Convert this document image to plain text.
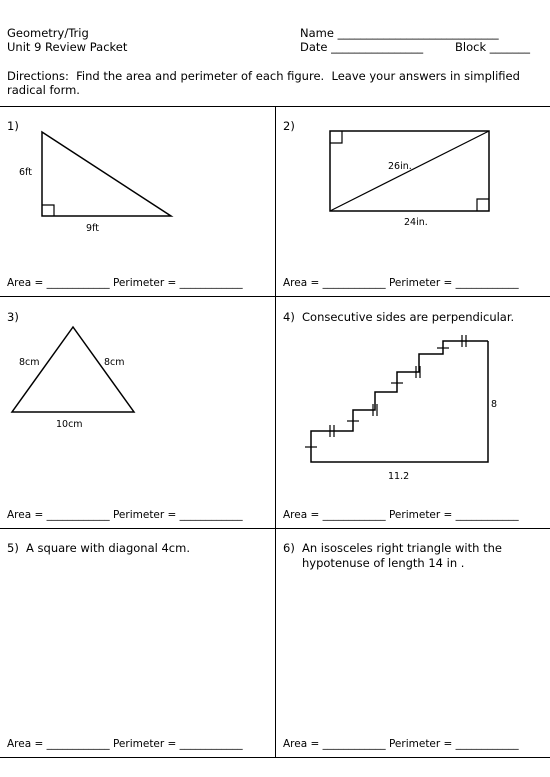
Geometry/Trig
Unit 9 Review Packet
Name ____________________________
Date ________________	Block _______
Directions:  Find the area and perimeter of each figure.  Leave your answers in simplified
radical form.
1)
6ft
9ft
Area = ____________ Perimeter = ____________
2)
26in.
24in.
Area = ____________ Perimeter = ____________
3)
8cm	8cm
10cm
Area = ____________ Perimeter = ____________
4) Consecutive sides are perpendicular.
8
11.2
Area = ____________ Perimeter = ____________
5) A square with diagonal 4cm.
Area = ____________ Perimeter = ____________
6) An isosceles right triangle with the
hypotenuse of length 14 in .
Area = ____________ Perimeter = ____________
